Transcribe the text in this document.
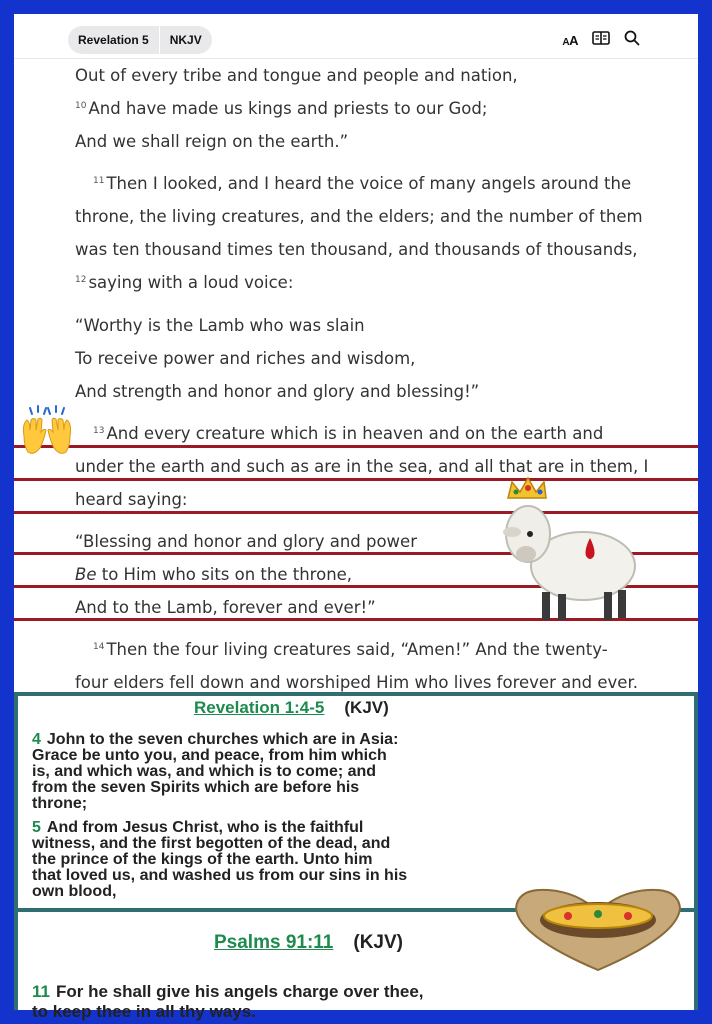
Revelation 5	NKJV	AA
Out of every tribe and tongue and people and nation,
$^{10}$ And have made us kings and priests to our God;
And we shall reign on the earth.”
$^{11}$ Then I looked, and I heard the voice of many angels around the
throne, the living creatures, and the elders; and the number of them
was ten thousand times ten thousand, and thousands of thousands,
$^{12}$ saying with a loud voice:
“Worthy is the Lamb who was slain
To receive power and riches and wisdom,
And strength and honor and glory and blessing!”
$^{13}$ And every creature which is in heaven and on the earth and
under the earth and such as are in the sea, and all that are in them, I
heard saying:
“Blessing and honor and glory and power
Be to Him who sits on the throne,
And to the Lamb, forever and ever!”
$^{14}$ Then the four living creatures said, “Amen!” And the twenty-
four elders fell down and worshiped Him who lives forever and ever.
Revelation 1:4-5 (KJV)
4 John to the seven churches which are in Asia:
Grace be unto you, and peace, from him which
is, and which was, and which is to come; and
from the seven Spirits which are before his
throne;
5 And from Jesus Christ, who is the faithful
witness, and the first begotten of the dead, and
the prince of the kings of the earth. Unto him
that loved us, and washed us from our sins in his
own blood,
Psalms 91:11 (KJV)
11 For he shall give his angels charge over thee,
to keep thee in all thy ways.
